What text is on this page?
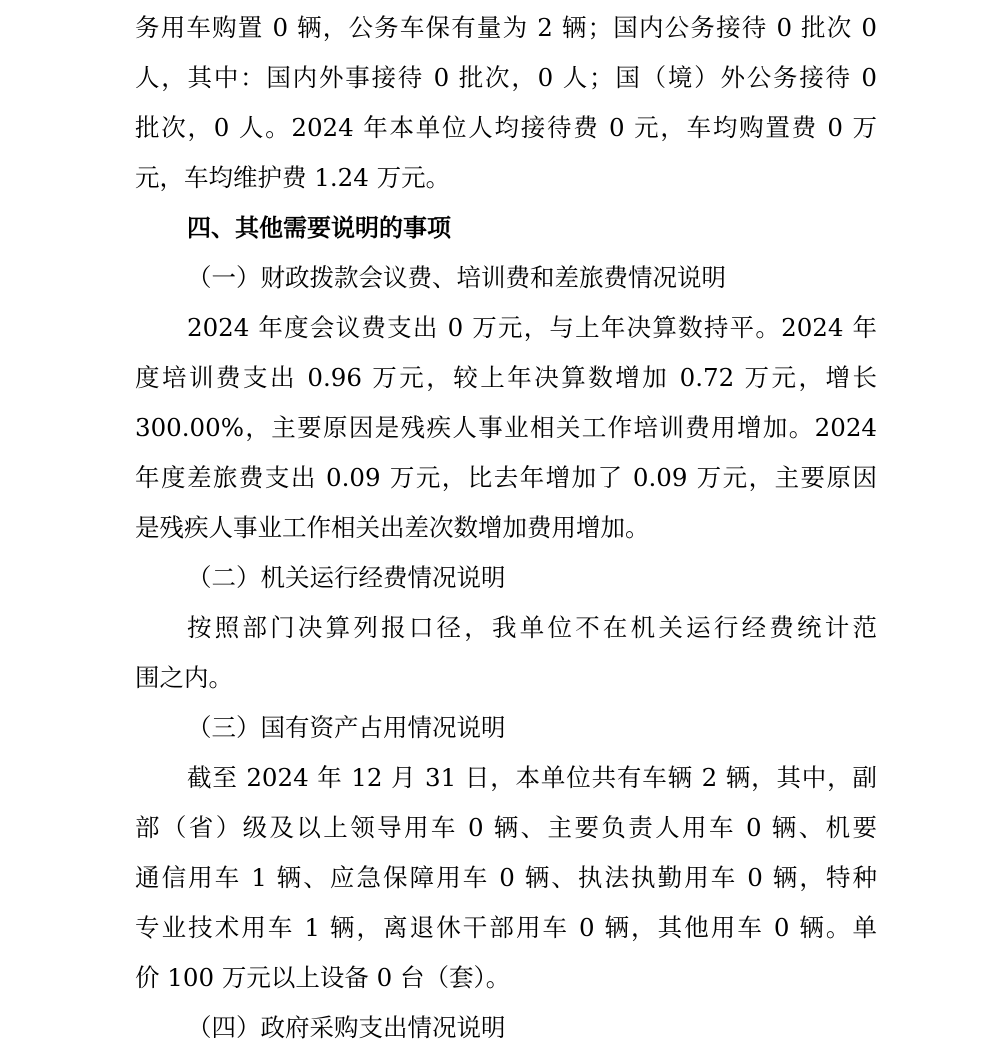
务用车购置 0 辆，公务车保有量为 2 辆；国内公务接待 0 批次 0
人，其中：国内外事接待 0 批次，0 人；国（境）外公务接待 0
批次，0 人。2024 年本单位人均接待费 0 元，车均购置费 0 万
元，车均维护费 1.24 万元。
四、其他需要说明的事项
（一）财政拨款会议费、培训费和差旅费情况说明
2024 年度会议费支出 0 万元，与上年决算数持平。2024 年
度培训费支出 0.96 万元，较上年决算数增加 0.72 万元，增长
300.00%，主要原因是残疾人事业相关工作培训费用增加。2024
年度差旅费支出 0.09 万元，比去年增加了 0.09 万元，主要原因
是残疾人事业工作相关出差次数增加费用增加。
（二）机关运行经费情况说明
按照部门决算列报口径，我单位不在机关运行经费统计范
围之内。
（三）国有资产占用情况说明
截至 2024 年 12 月 31 日，本单位共有车辆 2 辆，其中，副
部（省）级及以上领导用车 0 辆、主要负责人用车 0 辆、机要
通信用车 1 辆、应急保障用车 0 辆、执法执勤用车 0 辆，特种
专业技术用车 1 辆，离退休干部用车 0 辆，其他用车 0 辆。单
价 100 万元以上设备 0 台（套）。
（四）政府采购支出情况说明
